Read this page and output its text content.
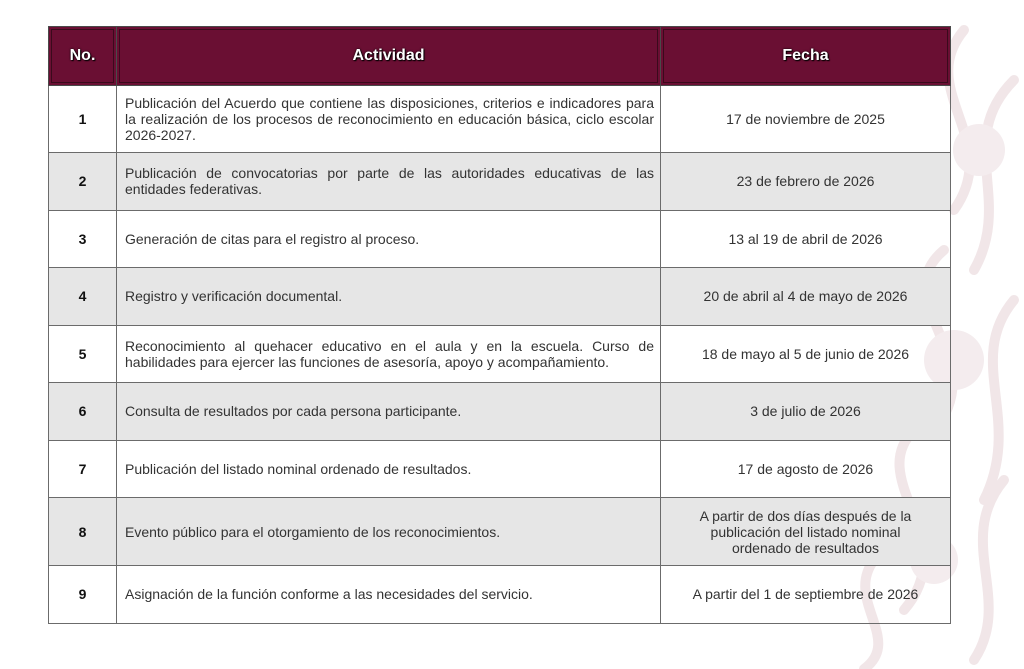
No.	Actividad	Fecha
1	Publicación del Acuerdo que contiene las disposiciones, criterios e indicadores para la realización de los procesos de reconocimiento en educación básica, ciclo escolar 2026-2027.	17 de noviembre de 2025
2	Publicación de convocatorias por parte de las autoridades educativas de las entidades federativas.	23 de febrero de 2026
3	Generación de citas para el registro al proceso.	13 al 19 de abril de 2026
4	Registro y verificación documental.	20 de abril al 4 de mayo de 2026
5	Reconocimiento al quehacer educativo en el aula y en la escuela. Curso de habilidades para ejercer las funciones de asesoría, apoyo y acompañamiento.	18 de mayo al 5 de junio de 2026
6	Consulta de resultados por cada persona participante.	3 de julio de 2026
7	Publicación del listado nominal ordenado de resultados.	17 de agosto de 2026
8	Evento público para el otorgamiento de los reconocimientos.	A partir de dos días después de la publicación del listado nominal ordenado de resultados
9	Asignación de la función conforme a las necesidades del servicio.	A partir del 1 de septiembre de 2026
